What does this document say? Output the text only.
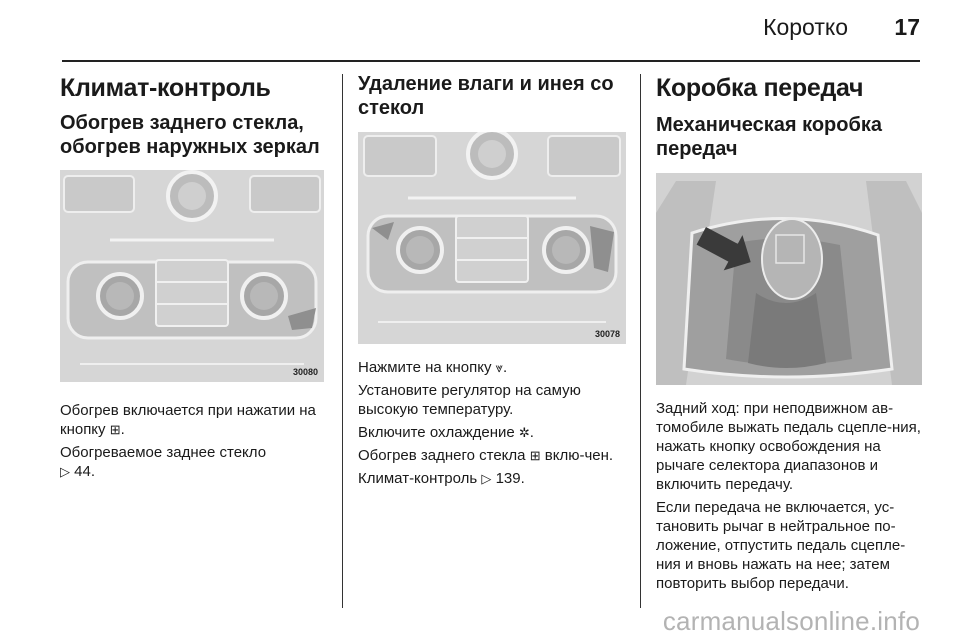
Коротко 17
Климат-контроль
Обогрев заднего стекла, обогрев наружных зеркал
30080

Обогрев включается при нажатии на кнопку ⊞.

Обогреваемое заднее стекло
▷ 44.

Удаление влаги и инея со стекол
30078

Нажмите на кнопку ⩔.

Установите регулятор на самую высокую температуру.

Включите охлаждение ✲.

Обогрев заднего стекла ⊞ вклю-чен.

Климат-контроль ▷ 139.

Коробка передач
Механическая коробка передач

Задний ход: при неподвижном ав-томобиле выжать педаль сцепле-ния, нажать кнопку освобождения на рычаге селектора диапазонов и включить передачу.

Если передача не включается, ус-тановить рычаг в нейтральное по-ложение, отпустить педаль сцепле-ния и вновь нажать на нее; затем повторить выбор передачи.

carmanualsonline.info
